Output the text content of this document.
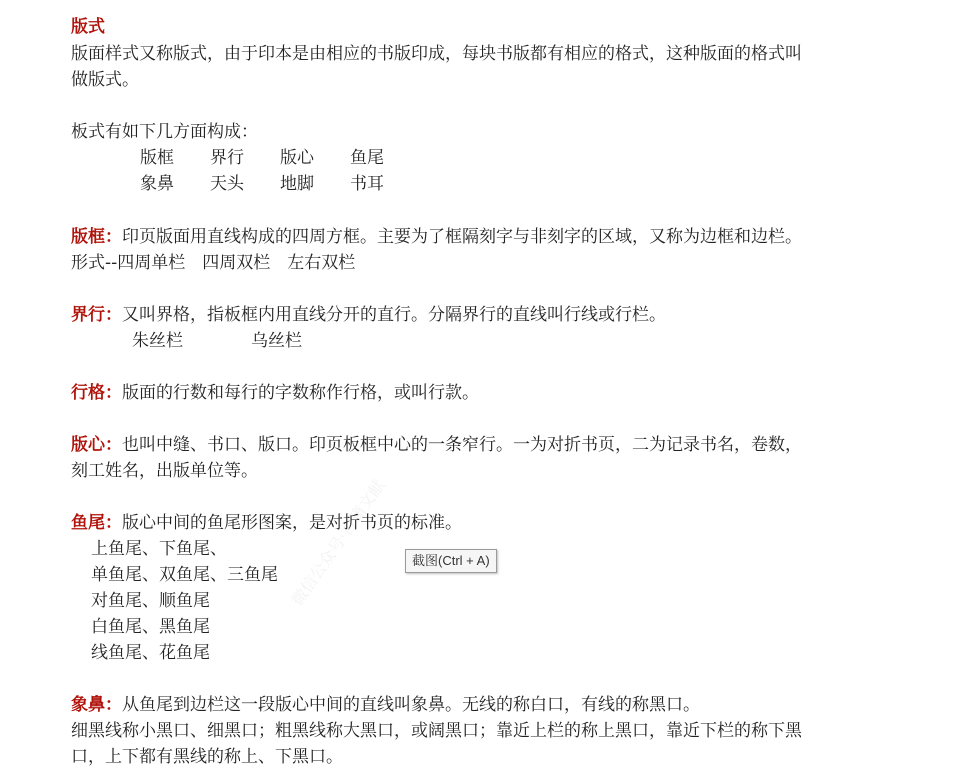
微信公众号·古籍文献
版式
版面样式又称版式，由于印本是由相应的书版印成，每块书版都有相应的格式，这种版面的格式叫
做版式。
板式有如下几方面构成：
版框 界行 版心 鱼尾
象鼻 天头 地脚 书耳
版框：印页版面用直线构成的四周方框。主要为了框隔刻字与非刻字的区域，又称为边框和边栏。
形式--四周单栏　四周双栏　左右双栏
界行：又叫界格，指板框内用直线分开的直行。分隔界行的直线叫行线或行栏。
朱丝栏	乌丝栏
行格：版面的行数和每行的字数称作行格，或叫行款。
版心：也叫中缝、书口、版口。印页板框中心的一条窄行。一为对折书页，二为记录书名，卷数，
刻工姓名，出版单位等。
鱼尾：版心中间的鱼尾形图案，是对折书页的标准。
上鱼尾、下鱼尾、
单鱼尾、双鱼尾、三鱼尾
对鱼尾、顺鱼尾
白鱼尾、黑鱼尾
线鱼尾、花鱼尾
象鼻：从鱼尾到边栏这一段版心中间的直线叫象鼻。无线的称白口，有线的称黑口。
细黑线称小黑口、细黑口；粗黑线称大黑口，或阔黑口；靠近上栏的称上黑口，靠近下栏的称下黑
口，上下都有黑线的称上、下黑口。
截图(Ctrl + A)
